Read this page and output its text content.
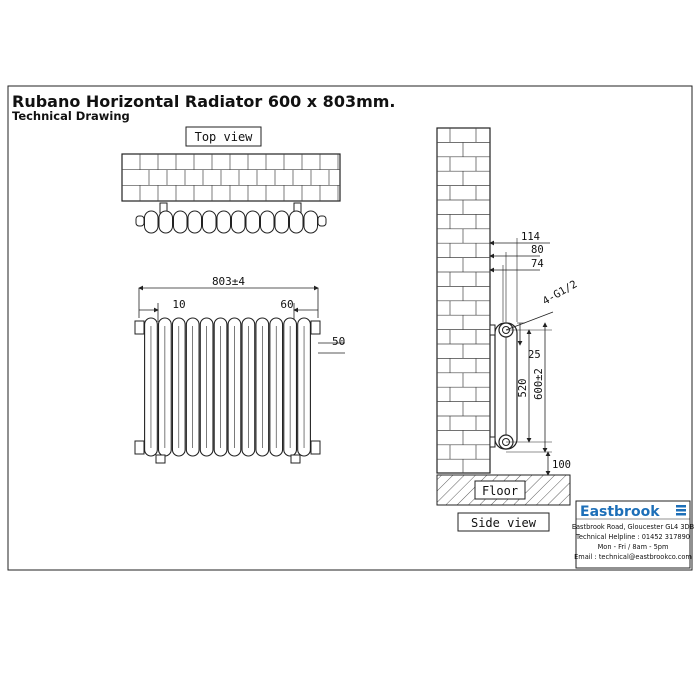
Rubano Horizontal Radiator 600 x 803mm.
Technical Drawing
Top view
803±4
10	60
50
Floor
114
80
74
4-G1/2
25
520 600±2
100
Side view
Eastbrook
Eastbrook Road, Gloucester GL4 3DB
Technical Helpline : 01452 317890
Mon - Fri / 8am - 5pm
Email : technical@eastbrookco.com
